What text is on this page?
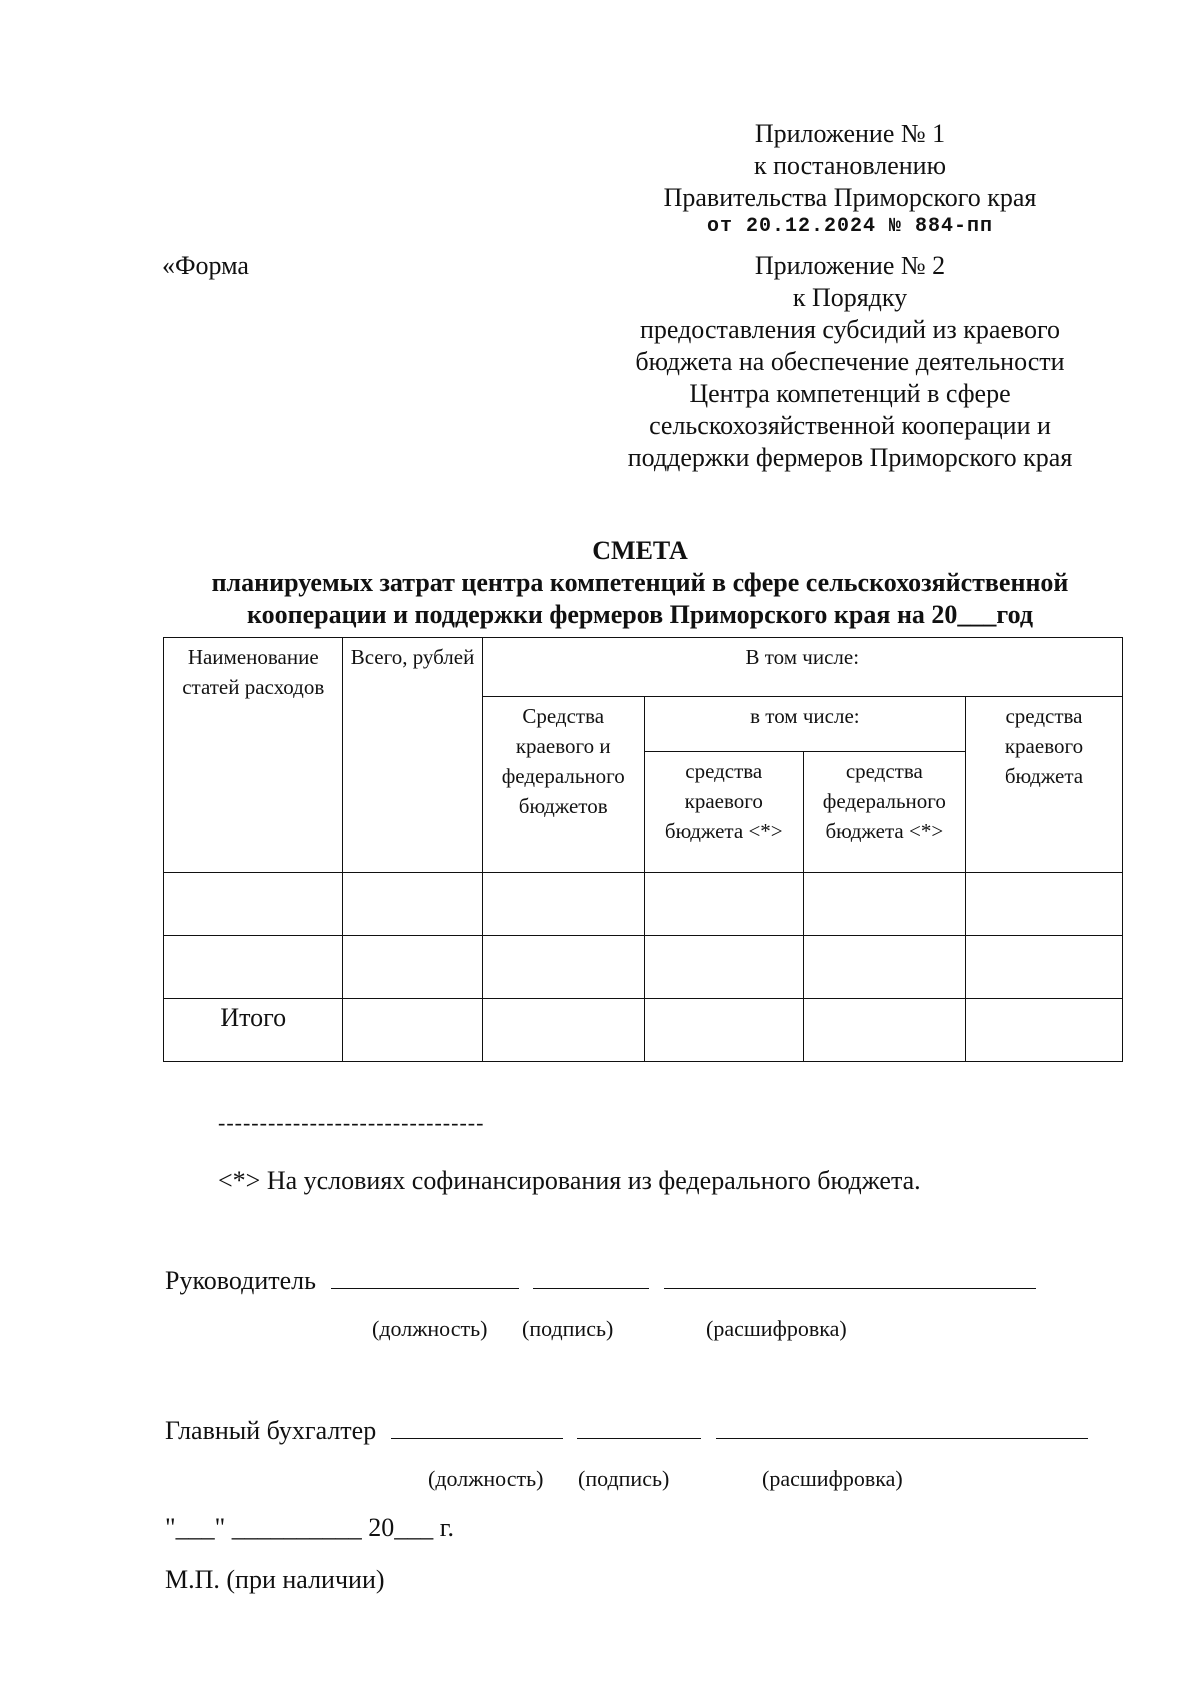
Приложение № 1
к постановлению
Правительства Приморского края
от 20.12.2024 № 884-пп
«Форма	Приложение № 2
к Порядку
предоставления субсидий из краевого
бюджета на обеспечение деятельности
Центра компетенций в сфере
сельскохозяйственной кооперации и
поддержки фермеров Приморского края
СМЕТА
планируемых затрат центра компетенций в сфере сельскохозяйственной
кооперации и поддержки фермеров Приморского края на 20___год
Наименование статей расходов	Всего, рублей	В том числе:			
		Средства краевого и федерального бюджетов	в том числе:		средства краевого бюджета
			средства краевого бюджета <*>	средства федерального бюджета <*>	

Итого					
--------------------------------
<*> На условиях софинансирования из федерального бюджета.
Руководитель
(должность) (подпись)	(расшифровка)
Главный бухгалтер
(должность) (подпись)	(расшифровка)
"___" __________ 20___ г.
М.П. (при наличии)
